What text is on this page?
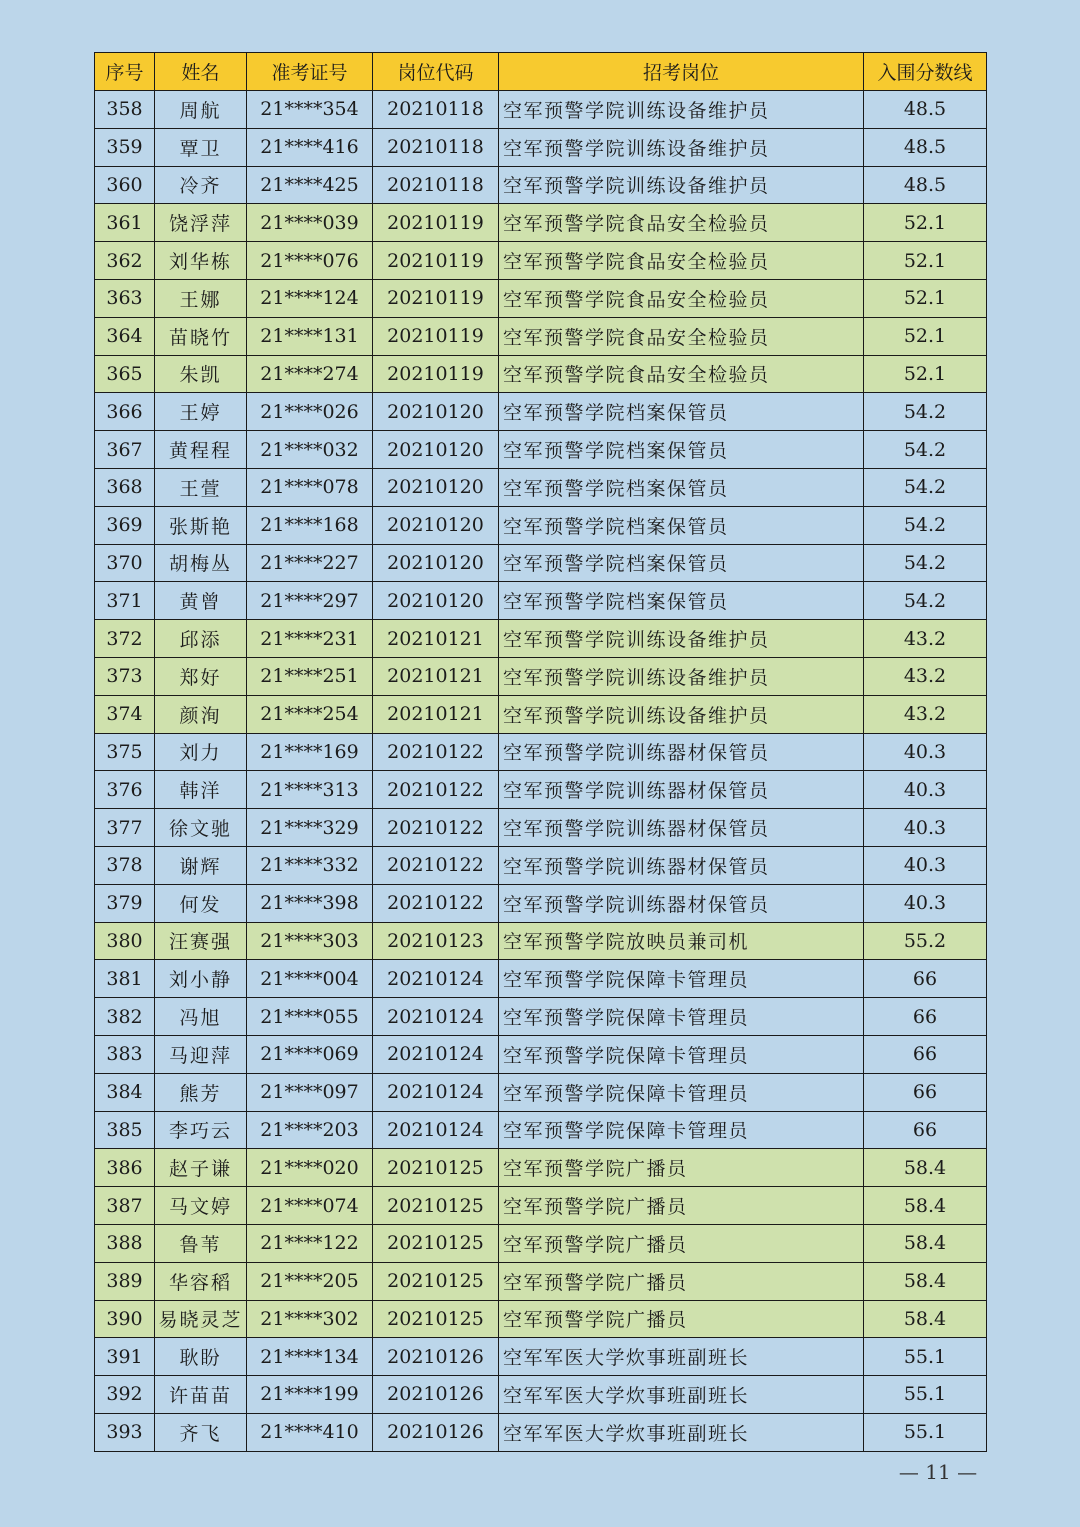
序号	姓名	准考证号	岗位代码	招考岗位	入围分数线
358	周航	21****354	20210118	空军预警学院训练设备维护员	48.5
359	覃卫	21****416	20210118	空军预警学院训练设备维护员	48.5
360	冷齐	21****425	20210118	空军预警学院训练设备维护员	48.5
361	饶浮萍	21****039	20210119	空军预警学院食品安全检验员	52.1
362	刘华栋	21****076	20210119	空军预警学院食品安全检验员	52.1
363	王娜	21****124	20210119	空军预警学院食品安全检验员	52.1
364	苗晓竹	21****131	20210119	空军预警学院食品安全检验员	52.1
365	朱凯	21****274	20210119	空军预警学院食品安全检验员	52.1
366	王婷	21****026	20210120	空军预警学院档案保管员	54.2
367	黄程程	21****032	20210120	空军预警学院档案保管员	54.2
368	王萱	21****078	20210120	空军预警学院档案保管员	54.2
369	张斯艳	21****168	20210120	空军预警学院档案保管员	54.2
370	胡梅丛	21****227	20210120	空军预警学院档案保管员	54.2
371	黄曾	21****297	20210120	空军预警学院档案保管员	54.2
372	邱添	21****231	20210121	空军预警学院训练设备维护员	43.2
373	郑好	21****251	20210121	空军预警学院训练设备维护员	43.2
374	颜洵	21****254	20210121	空军预警学院训练设备维护员	43.2
375	刘力	21****169	20210122	空军预警学院训练器材保管员	40.3
376	韩洋	21****313	20210122	空军预警学院训练器材保管员	40.3
377	徐文驰	21****329	20210122	空军预警学院训练器材保管员	40.3
378	谢辉	21****332	20210122	空军预警学院训练器材保管员	40.3
379	何发	21****398	20210122	空军预警学院训练器材保管员	40.3
380	汪赛强	21****303	20210123	空军预警学院放映员兼司机	55.2
381	刘小静	21****004	20210124	空军预警学院保障卡管理员	66
382	冯旭	21****055	20210124	空军预警学院保障卡管理员	66
383	马迎萍	21****069	20210124	空军预警学院保障卡管理员	66
384	熊芳	21****097	20210124	空军预警学院保障卡管理员	66
385	李巧云	21****203	20210124	空军预警学院保障卡管理员	66
386	赵子谦	21****020	20210125	空军预警学院广播员	58.4
387	马文婷	21****074	20210125	空军预警学院广播员	58.4
388	鲁苇	21****122	20210125	空军预警学院广播员	58.4
389	华容稻	21****205	20210125	空军预警学院广播员	58.4
390	易晓灵芝	21****302	20210125	空军预警学院广播员	58.4
391	耿盼	21****134	20210126	空军军医大学炊事班副班长	55.1
392	许苗苗	21****199	20210126	空军军医大学炊事班副班长	55.1
393	齐飞	21****410	20210126	空军军医大学炊事班副班长	55.1
— 11 —
